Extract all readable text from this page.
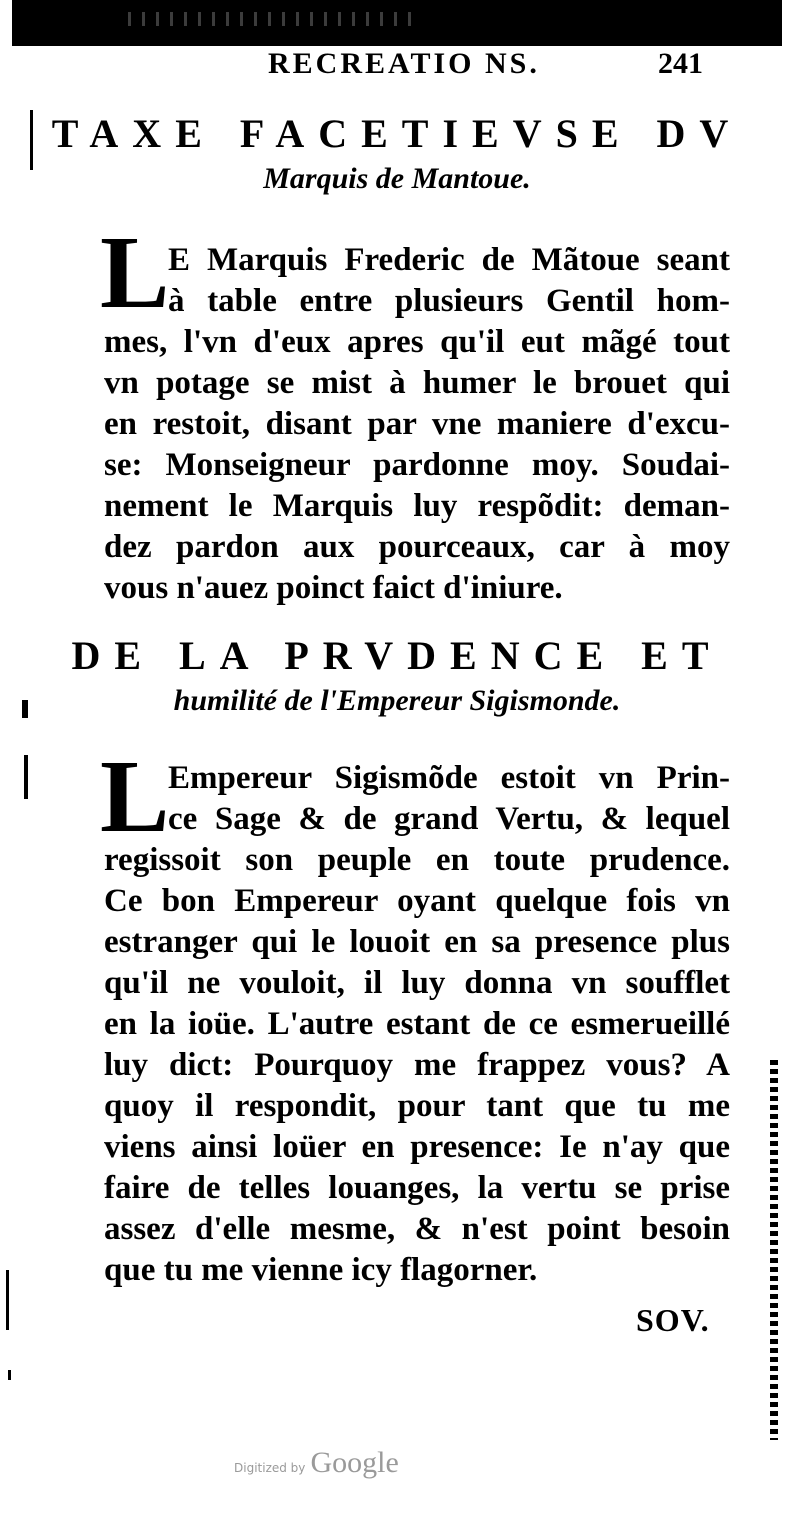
RECREATIO NS.	241
TAXE FACETIEVSE DV
Marquis de Mantoue.
L
E Marquis Frederic de Mãtoue seant
à table entre plusieurs Gentil hom-
mes, l'vn d'eux apres qu'il eut mãgé tout
vn potage se mist à humer le brouet qui
en restoit, disant par vne maniere d'excu-
se: Monseigneur pardonne moy. Soudai-
nement le Marquis luy respõdit: deman-
dez pardon aux pourceaux, car à moy
vous n'auez poinct faict d'iniure.
DE LA PRVDENCE ET
humilité de l'Empereur Sigismonde.
L
Empereur Sigismõde estoit vn Prin-
ce Sage & de grand Vertu, & lequel
regissoit son peuple en toute prudence.
Ce bon Empereur oyant quelque fois vn
estranger qui le louoit en sa presence plus
qu'il ne vouloit, il luy donna vn soufflet
en la ioüe. L'autre estant de ce esmerueillé
luy dict: Pourquoy me frappez vous? A
quoy il respondit, pour tant que tu me
viens ainsi loüer en presence: Ie n'ay que
faire de telles louanges, la vertu se prise
assez d'elle mesme, & n'est point besoin
que tu me vienne icy flagorner.
SOV.
Digitized by Google
